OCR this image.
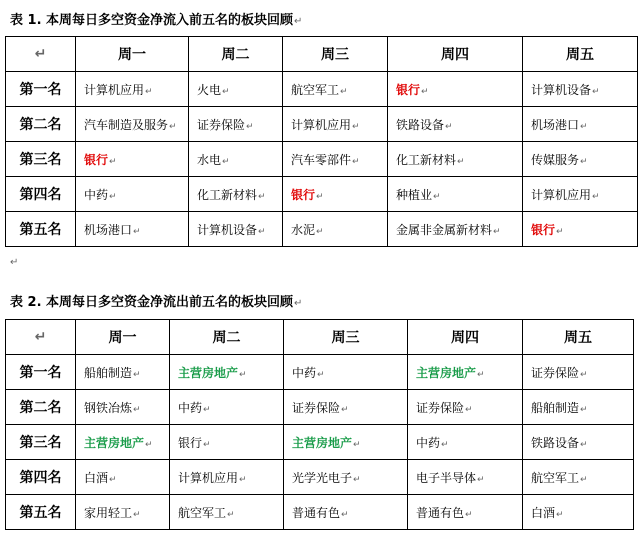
表 1. 本周每日多空资金净流入前五名的板块回顾↵
↵	周一	周二	周三	周四	周五
第一名	计算机应用↵	火电↵	航空军工↵	银行↵	计算机设备↵
第二名	汽车制造及服务↵	证券保险↵	计算机应用↵	铁路设备↵	机场港口↵
第三名	银行↵	水电↵	汽车零部件↵	化工新材料↵	传媒服务↵
第四名	中药↵	化工新材料↵	银行↵	种植业↵	计算机应用↵
第五名	机场港口↵	计算机设备↵	水泥↵	金属非金属新材料↵	银行↵
↵
表 2. 本周每日多空资金净流出前五名的板块回顾↵
↵	周一	周二	周三	周四	周五
第一名	船舶制造↵	主营房地产↵	中药↵	主营房地产↵	证券保险↵
第二名	钢铁冶炼↵	中药↵	证券保险↵	证券保险↵	船舶制造↵
第三名	主营房地产↵	银行↵	主营房地产↵	中药↵	铁路设备↵
第四名	白酒↵	计算机应用↵	光学光电子↵	电子半导体↵	航空军工↵
第五名	家用轻工↵	航空军工↵	普通有色↵	普通有色↵	白酒↵
